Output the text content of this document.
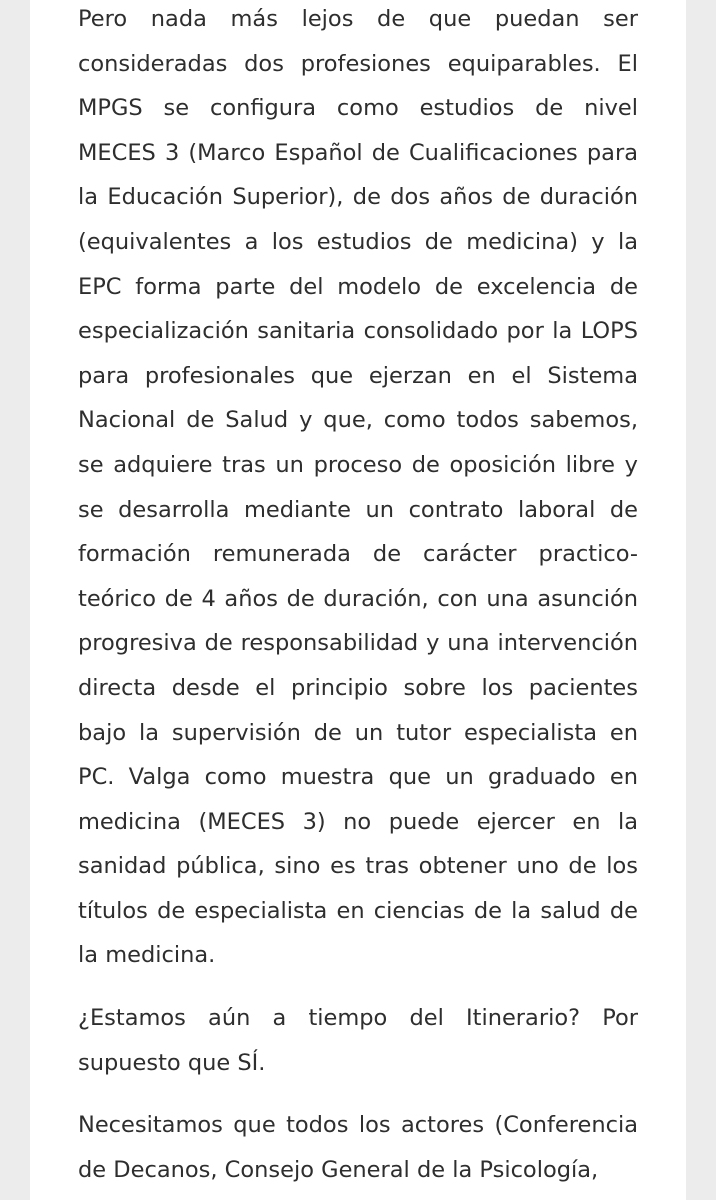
Pero nada más lejos de que puedan ser consideradas dos profesiones equiparables. El MPGS se configura como estudios de nivel MECES 3 (Marco Español de Cualificaciones para la Educación Superior), de dos años de duración (equivalentes a los estudios de medicina) y la EPC forma parte del modelo de excelencia de especialización sanitaria consolidado por la LOPS para profesionales que ejerzan en el Sistema Nacional de Salud y que, como todos sabemos, se adquiere tras un proceso de oposición libre y se desarrolla mediante un contrato laboral de formación remunerada de carácter practico-teórico de 4 años de duración, con una asunción progresiva de responsabilidad y una intervención directa desde el principio sobre los pacientes bajo la supervisión de un tutor especialista en PC. Valga como muestra que un graduado en medicina (MECES 3) no puede ejercer en la sanidad pública, sino es tras obtener uno de los títulos de especialista en ciencias de la salud de la medicina.

¿Estamos aún a tiempo del Itinerario? Por supuesto que SÍ.

Necesitamos que todos los actores (Conferencia de Decanos, Consejo General de la Psicología,
